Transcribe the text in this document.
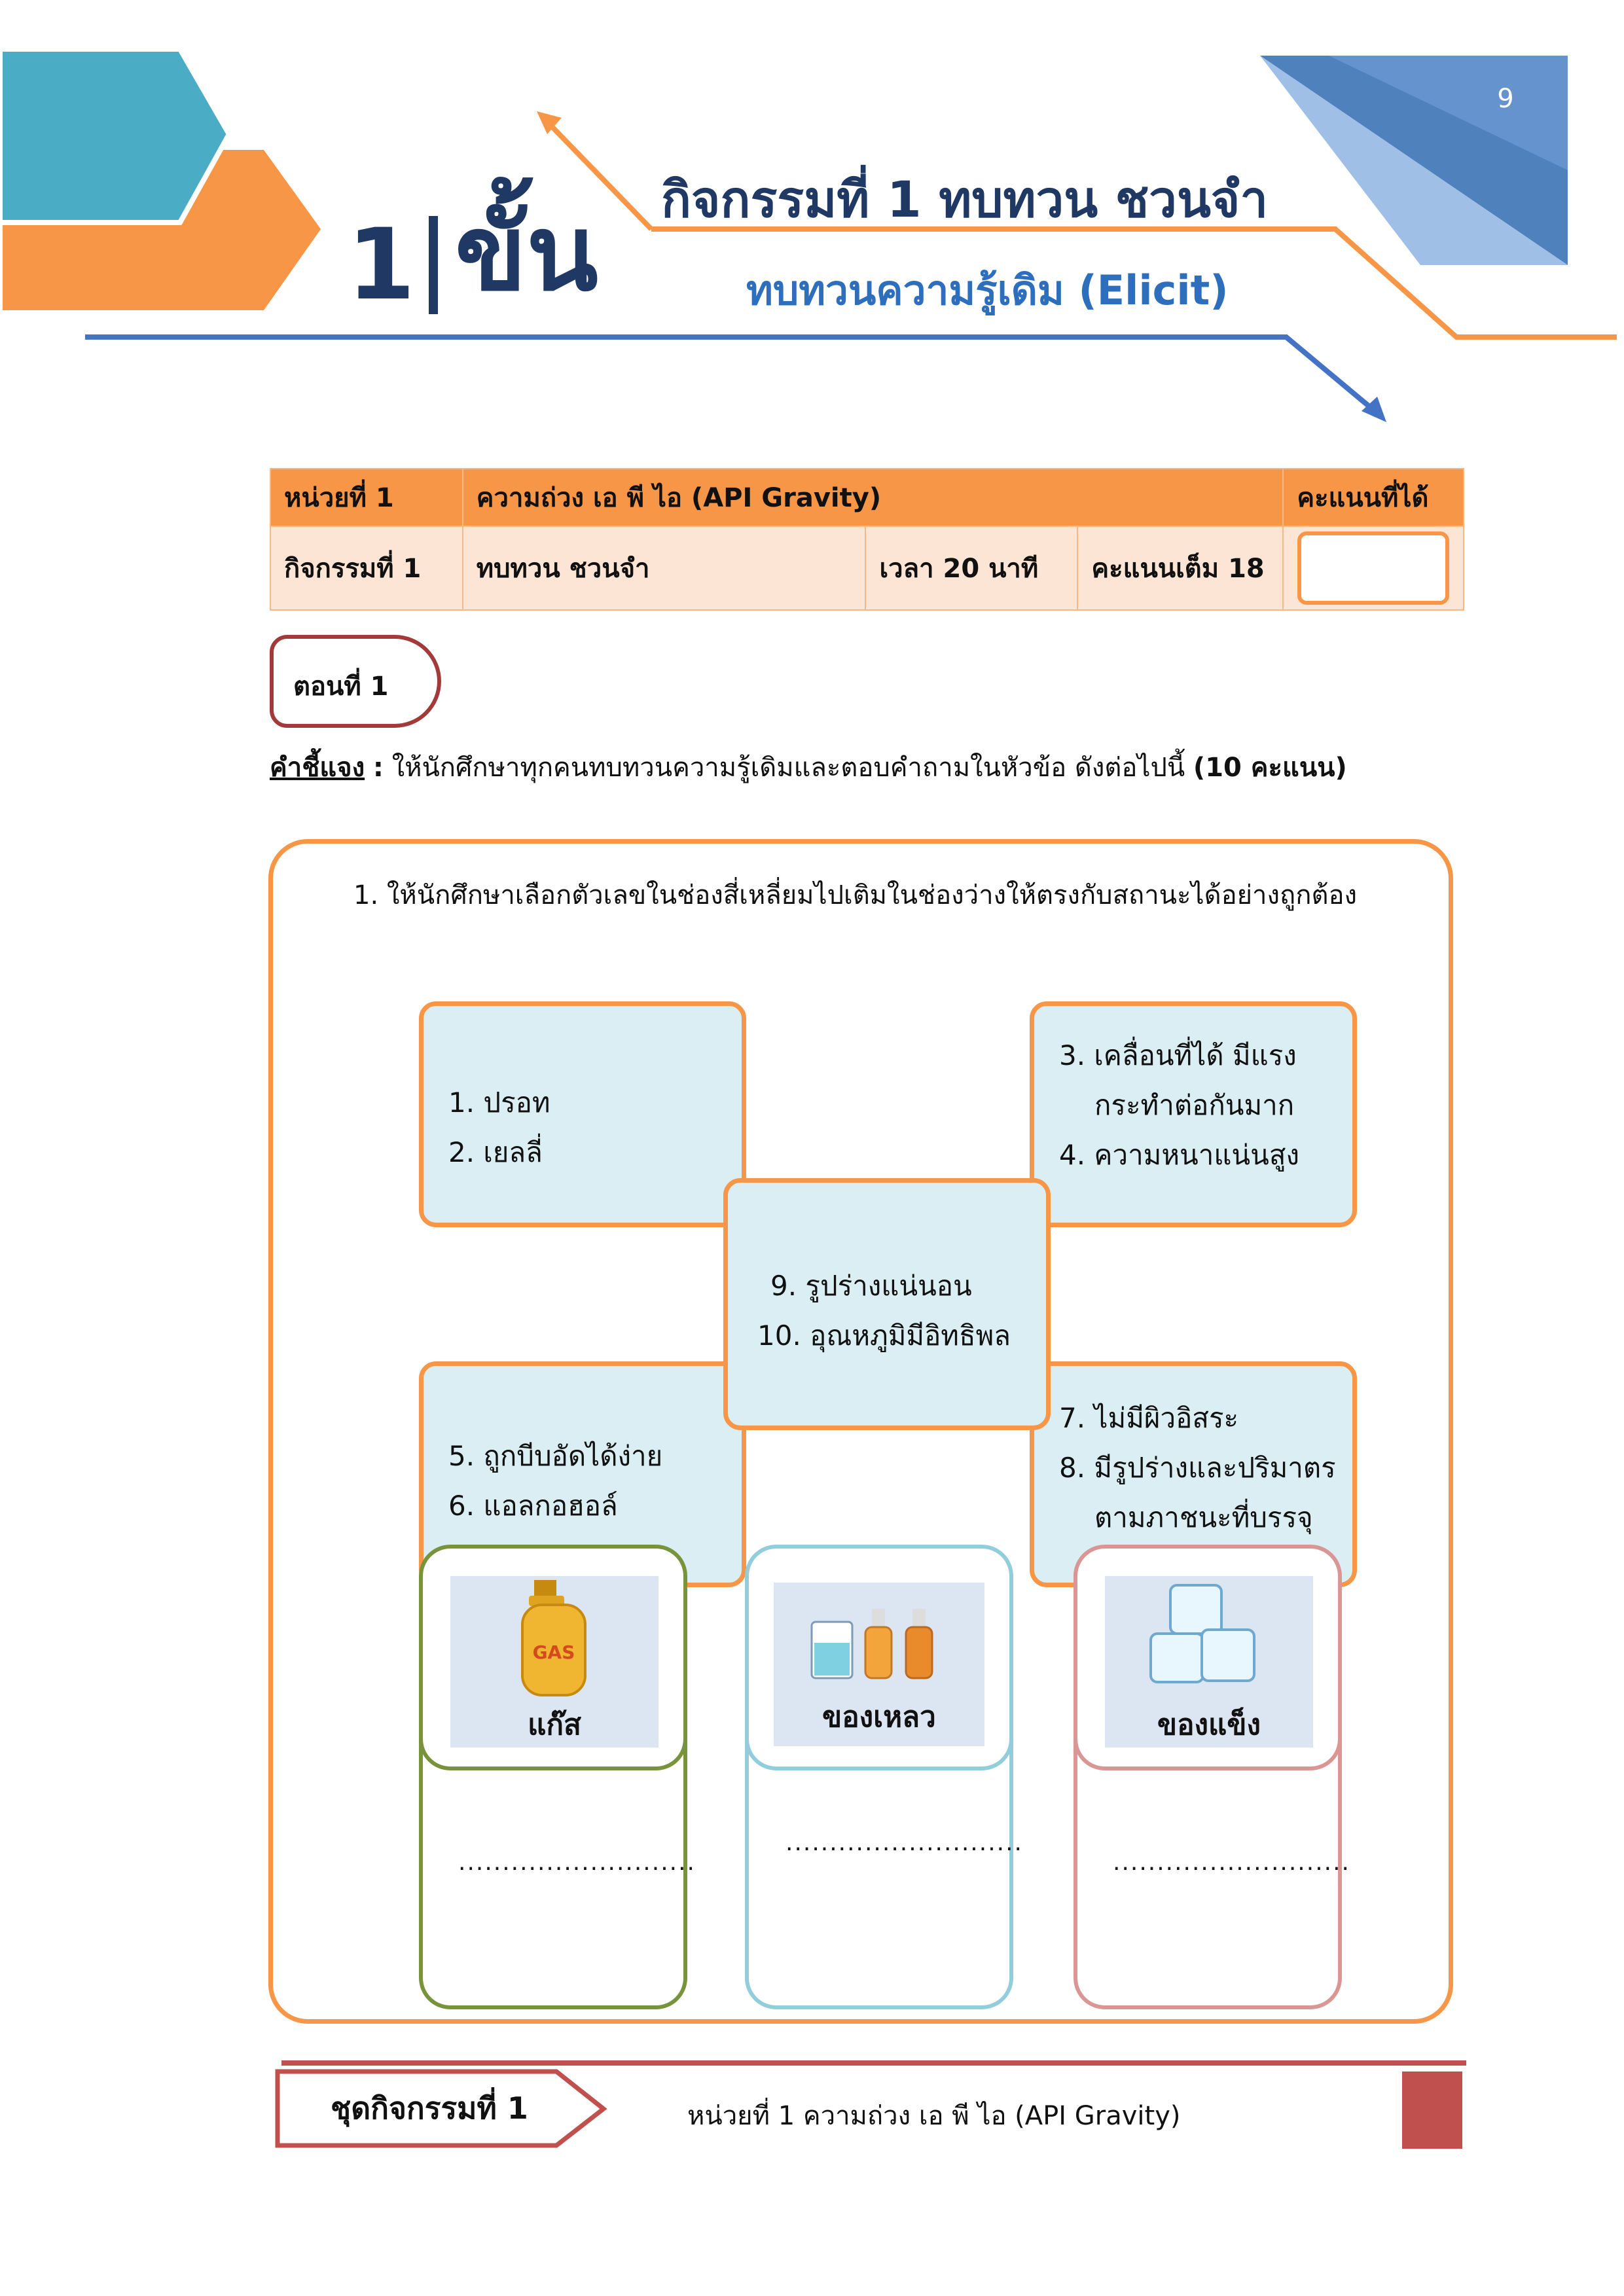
9
1 ขั้น กิจกรรมที่ 1 ทบทวน ชวนจำ
ทบทวนความรู้เดิม (Elicit)
หน่วยที่ 1	ความถ่วง เอ พี ไอ (API Gravity)			คะแนนที่ได้
กิจกรรมที่ 1	ทบทวน ชวนจำ	เวลา 20 นาที	คะแนนเต็ม 18	
ตอนที่ 1
คำชี้แจง : ให้นักศึกษาทุกคนทบทวนความรู้เดิมและตอบคำถามในหัวข้อ ดังต่อไปนี้ (10 คะแนน)
1. ให้นักศึกษาเลือกตัวเลขในช่องสี่เหลี่ยมไปเติมในช่องว่างให้ตรงกับสถานะได้อย่างถูกต้อง
1. ปรอท
2. เยลลี่
3. เคลื่อนที่ได้ มีแรง
กระทำต่อกันมาก
4. ความหนาแน่นสูง
5. ถูกบีบอัดได้ง่าย
6. แอลกอฮอล์
7. ไม่มีผิวอิสระ
8. มีรูปร่างและปริมาตร
ตามภาชนะที่บรรจุ
9. รูปร่างแน่นอน
10. อุณหภูมิมีอิทธิพล
GAS
แก๊ส
...........................
ของเหลว
...........................
ของแข็ง
...........................
ชุดกิจกรรมที่ 1	หน่วยที่ 1 ความถ่วง เอ พี ไอ (API Gravity)
